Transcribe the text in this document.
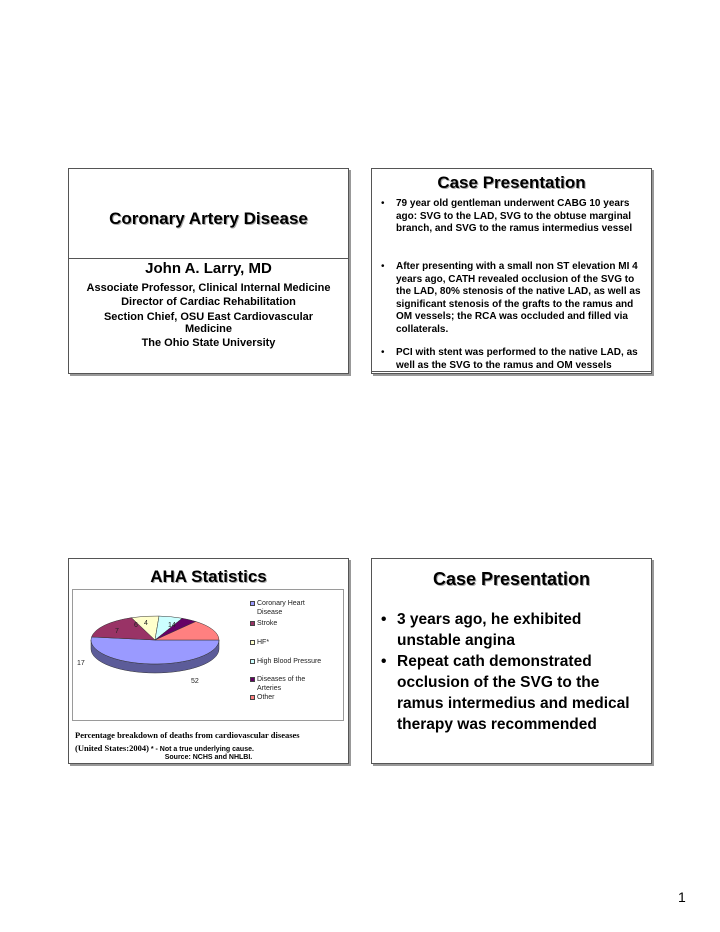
Coronary Artery Disease
John A. Larry, MD
Associate Professor, Clinical Internal Medicine
Director of Cardiac Rehabilitation
Section Chief, OSU East Cardiovascular
Medicine
The Ohio State University
Case Presentation
• 79 year old gentleman underwent CABG 10 years ago: SVG to the LAD, SVG to the obtuse marginal branch, and SVG to the ramus intermedius vessel
• After presenting with a small non ST elevation MI 4 years ago, CATH revealed occlusion of the SVG to the LAD, 80% stenosis of the native LAD, as well as significant stenosis of the grafts to the ramus and OM vessels; the RCA was occluded and filled via collaterals.
• PCI with stent was performed to the native LAD, as well as the SVG to the ramus and OM vessels
AHA Statistics
4
6
7
14
17
52
Coronary Heart Disease
Stroke
HF*
High Blood Pressure
Diseases of the Arteries
Other
Percentage breakdown of deaths from cardiovascular diseases
(United States:2004) * - Not a true underlying cause.
Source: NCHS and NHLBI.
Case Presentation
• 3 years ago, he exhibited unstable angina
• Repeat cath demonstrated occlusion of the SVG to the ramus intermedius and medical therapy was recommended
1
